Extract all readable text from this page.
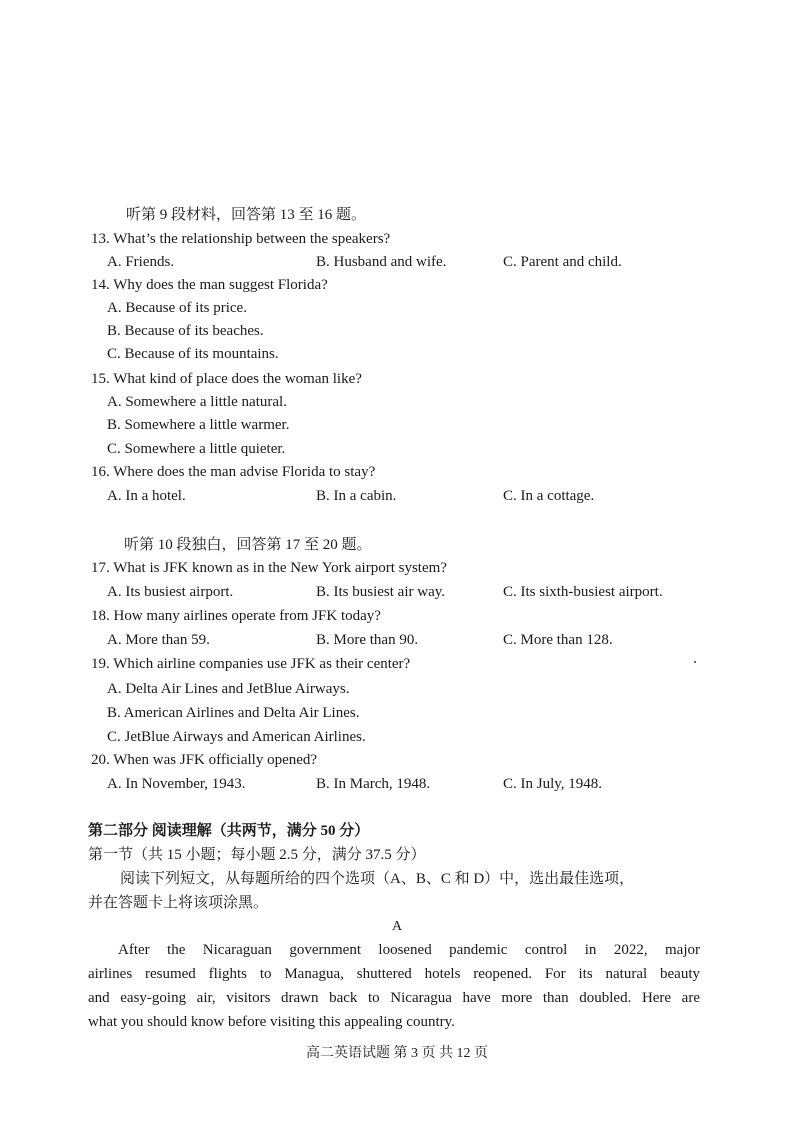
听第 9 段材料，回答第 13 至 16 题。
13. What’s the relationship between the speakers?
A. Friends.	B. Husband and wife.	C. Parent and child.
14. Why does the man suggest Florida?
A. Because of its price.
B. Because of its beaches.
C. Because of its mountains.
15. What kind of place does the woman like?
A. Somewhere a little natural.
B. Somewhere a little warmer.
C. Somewhere a little quieter.
16. Where does the man advise Florida to stay?
A. In a hotel.	B. In a cabin.	C. In a cottage.
听第 10 段独白，回答第 17 至 20 题。
17. What is JFK known as in the New York airport system?
A. Its busiest airport.	B. Its busiest air way.	C. Its sixth-busiest airport.
18. How many airlines operate from JFK today?
A. More than 59.	B. More than 90.	C. More than 128.
19. Which airline companies use JFK as their center?
A. Delta Air Lines and JetBlue Airways.
B. American Airlines and Delta Air Lines.
C. JetBlue Airways and American Airlines.
20. When was JFK officially opened?
A. In November, 1943.	B. In March, 1948.	C. In July, 1948.
第二部分 阅读理解（共两节，满分 50 分）
第一节（共 15 小题；每小题 2.5 分，满分 37.5 分）
阅读下列短文，从每题所给的四个选项（A、B、C 和 D）中，选出最佳选项，
并在答题卡上将该项涂黑。
A
After the Nicaraguan government loosened pandemic control in 2022, major
airlines resumed flights to Managua, shuttered hotels reopened. For its natural beauty
and easy-going air, visitors drawn back to Nicaragua have more than doubled. Here are
what you should know before visiting this appealing country.
高二英语试题 第 3 页 共 12 页
